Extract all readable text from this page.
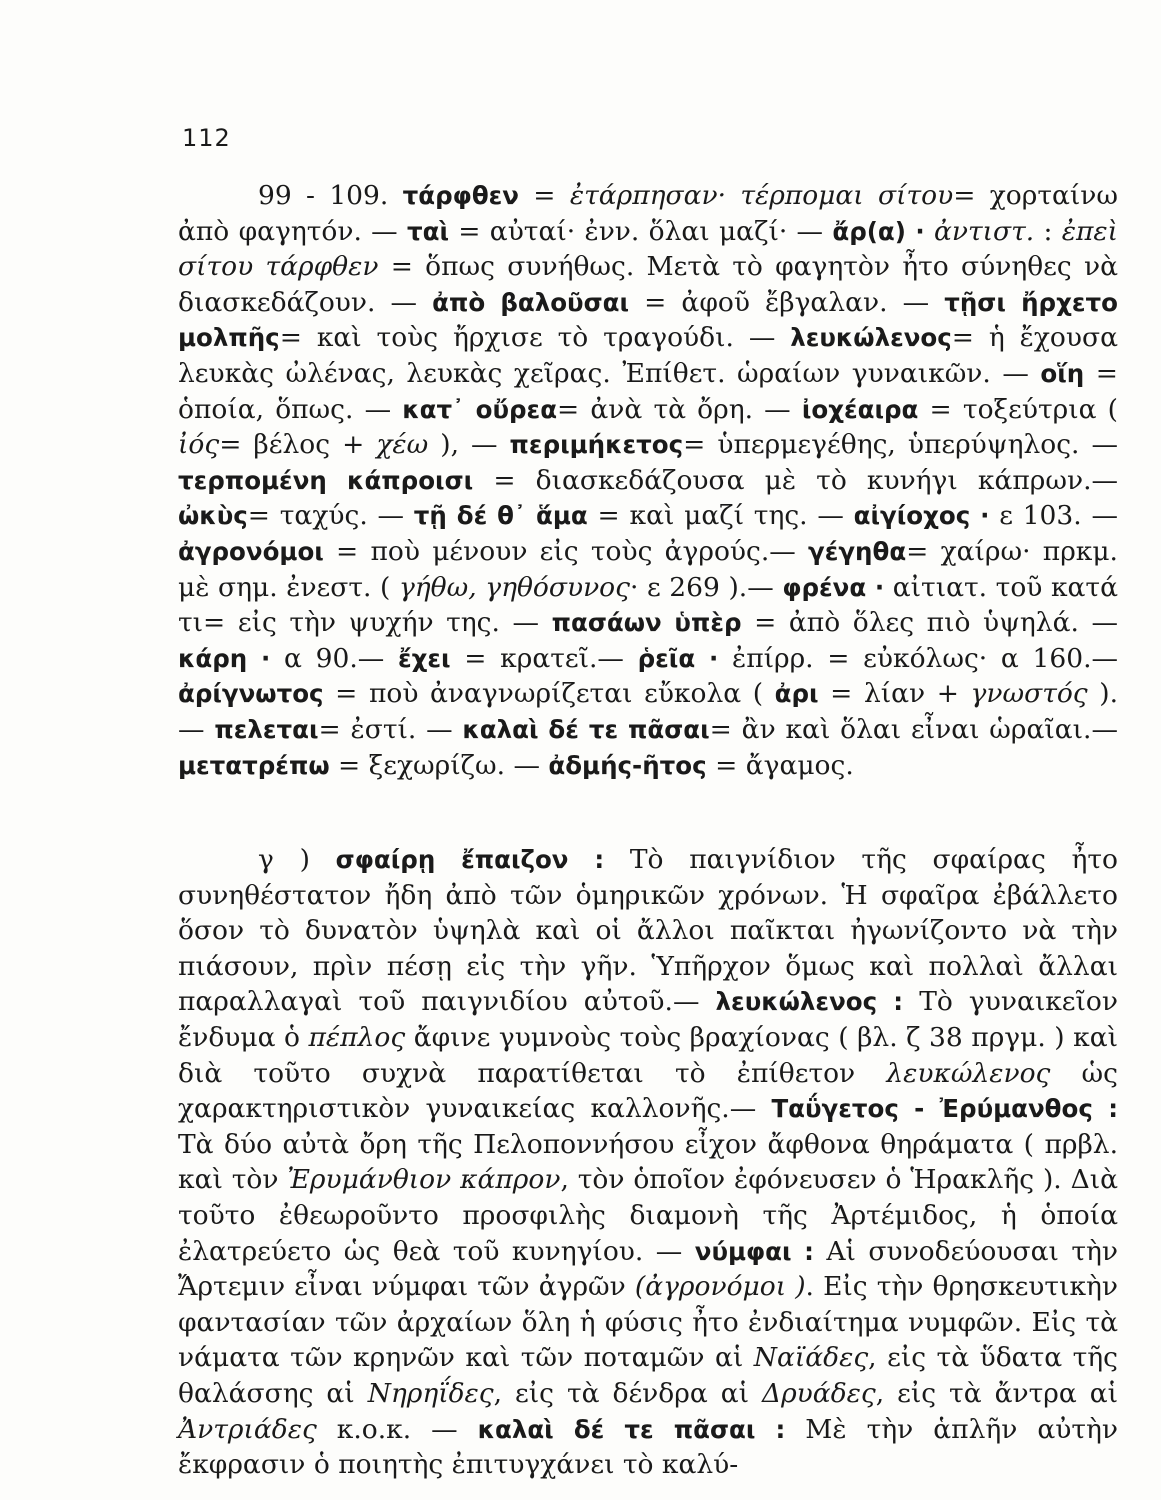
112

99 - 109. τάρφθεν = ἐτάρπησαν· τέρπομαι σίτου= χορταίνω ἀπὸ φαγητόν. — ταὶ = αὐταί· ἐνν. ὅλαι μαζί· — ἄρ(α) · ἀντιστ. : ἐπεὶ σίτου τάρφθεν = ὅπως συνήθως. Μετὰ τὸ φαγητὸν ἦτο σύνηθες νὰ διασκεδάζουν. — ἀπὸ βαλοῦσαι = ἀφοῦ ἔβγαλαν. — τῇσι ἤρχετο μολπῆς= καὶ τοὺς ἤρχισε τὸ τραγούδι. — λευκώλενος= ἡ ἔχουσα λευκὰς ὠλένας, λευκὰς χεῖρας. Ἐπίθετ. ὡραίων γυναικῶν. — οἵη = ὁποία, ὅπως. — κατ᾿ οὔρεα= ἀνὰ τὰ ὄρη. — ἰοχέαιρα = τοξεύτρια ( ἰός= βέλος + χέω ), — περιμήκετος= ὑπερμεγέθης, ὑπερύψηλος. — τερπομένη κάπροισι = διασκεδάζουσα μὲ τὸ κυνήγι κάπρων.— ὠκὺς= ταχύς. — τῇ δέ θ᾿ ἅμα = καὶ μαζί της. — αἰγίοχος · ε 103. — ἀγρονόμοι = ποὺ μένουν εἰς τοὺς ἀγρούς.— γέγηθα= χαίρω· πρκμ. μὲ σημ. ἐνεστ. ( γήθω, γηθόσυνος· ε 269 ).— φρένα · αἰτιατ. τοῦ κατά τι= εἰς τὴν ψυχήν της. — πασάων ὑπὲρ = ἀπὸ ὅλες πιὸ ὑψηλά. — κάρη · α 90.— ἔχει = κρατεῖ.— ῥεῖα · ἐπίρρ. = εὐκόλως· α 160.— ἀρίγνωτος = ποὺ ἀναγνωρίζεται εὔκολα ( ἀρι = λίαν + γνωστός ). — πελεται= ἐστί. — καλαὶ δέ τε πᾶσαι= ἂν καὶ ὅλαι εἶναι ὡραῖαι.— μετατρέπω = ξεχωρίζω. — ἀδμής-ῆτος = ἄγαμος.

γ ) σφαίρῃ ἔπαιζον : Τὸ παιγνίδιον τῆς σφαίρας ἦτο συνηθέστατον ἤδη ἀπὸ τῶν ὁμηρικῶν χρόνων. Ἡ σφαῖρα ἐβάλλετο ὅσον τὸ δυνατὸν ὑψηλὰ καὶ οἱ ἄλλοι παῖκται ἠγωνίζοντο νὰ τὴν πιάσουν, πρὶν πέσῃ εἰς τὴν γῆν. Ὑπῆρχον ὅμως καὶ πολλαὶ ἄλλαι παραλλαγαὶ τοῦ παιγνιδίου αὐτοῦ.— λευκώλενος : Τὸ γυναικεῖον ἔνδυμα ὁ πέπλος ἄφινε γυμνοὺς τοὺς βραχίονας ( βλ. ζ 38 πργμ. ) καὶ διὰ τοῦτο συχνὰ παρατίθεται τὸ ἐπίθετον λευκώλενος ὡς χαρακτηριστικὸν γυναικείας καλλονῆς.— Ταΰγετος - Ἐρύμανθος : Τὰ δύο αὐτὰ ὄρη τῆς Πελοποννήσου εἶχον ἄφθονα θηράματα ( πρβλ. καὶ τὸν Ἐρυμάνθιον κάπρον, τὸν ὁποῖον ἐφόνευσεν ὁ Ἡρακλῆς ). Διὰ τοῦτο ἐθεωροῦντο προσφιλὴς διαμονὴ τῆς Ἀρτέμιδος, ἡ ὁποία ἐλατρεύετο ὡς θεὰ τοῦ κυνηγίου. — νύμφαι : Αἱ συνοδεύουσαι τὴν Ἄρτεμιν εἶναι νύμφαι τῶν ἀγρῶν (ἀγρονόμοι ). Εἰς τὴν θρησκευτικὴν φαντασίαν τῶν ἀρχαίων ὅλη ἡ φύσις ἦτο ἐνδιαίτημα νυμφῶν. Εἰς τὰ νάματα τῶν κρηνῶν καὶ τῶν ποταμῶν αἱ Ναϊάδες, εἰς τὰ ὕδατα τῆς θαλάσσης αἱ Νηρηΐδες, εἰς τὰ δένδρα αἱ Δρυάδες, εἰς τὰ ἄντρα αἱ Ἀντριάδες κ.ο.κ. — καλαὶ δέ τε πᾶσαι : Μὲ τὴν ἁπλῆν αὐτὴν ἔκφρασιν ὁ ποιητὴς ἐπιτυγχάνει τὸ καλύ-
